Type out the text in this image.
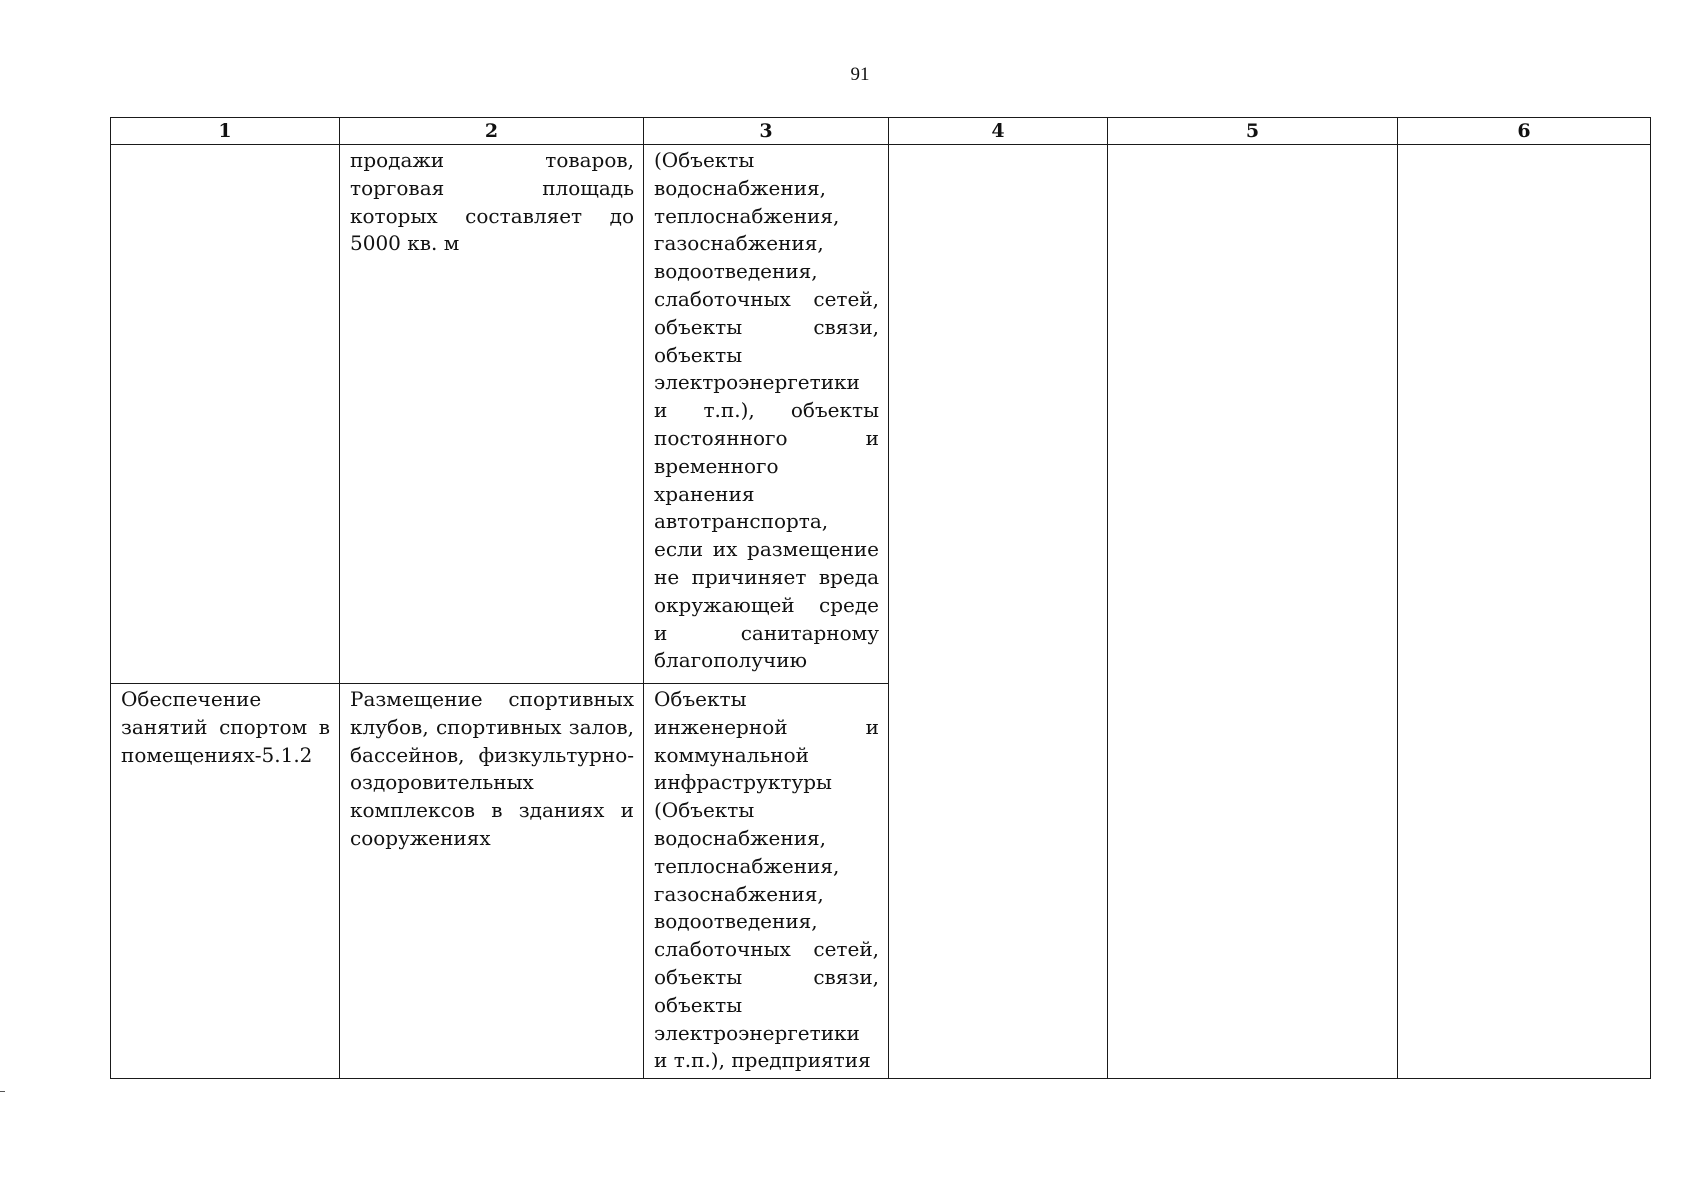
91
1	2	3	4	5	6
	продажи товаров, торговая площадь которых составляет до 5000 кв. м	(Объекты водоснабжения, теплоснабжения, газоснабжения, водоотведения, слаботочных сетей, объекты связи, объекты электроэнергетики и т.п.), объекты постоянного и временного хранения автотранспорта, если их размещение не причиняет вреда окружающей среде и санитарному благополучию			
Обеспечение занятий спортом в помещениях-5.1.2	Размещение спортивных клубов, спортивных залов, бассейнов, физкультурно-оздоровительных комплексов в зданиях и сооружениях	Объекты инженерной и коммунальной инфраструктуры (Объекты водоснабжения, теплоснабжения, газоснабжения, водоотведения, слаботочных сетей, объекты связи, объекты электроэнергетики и т.п.), предприятия			
